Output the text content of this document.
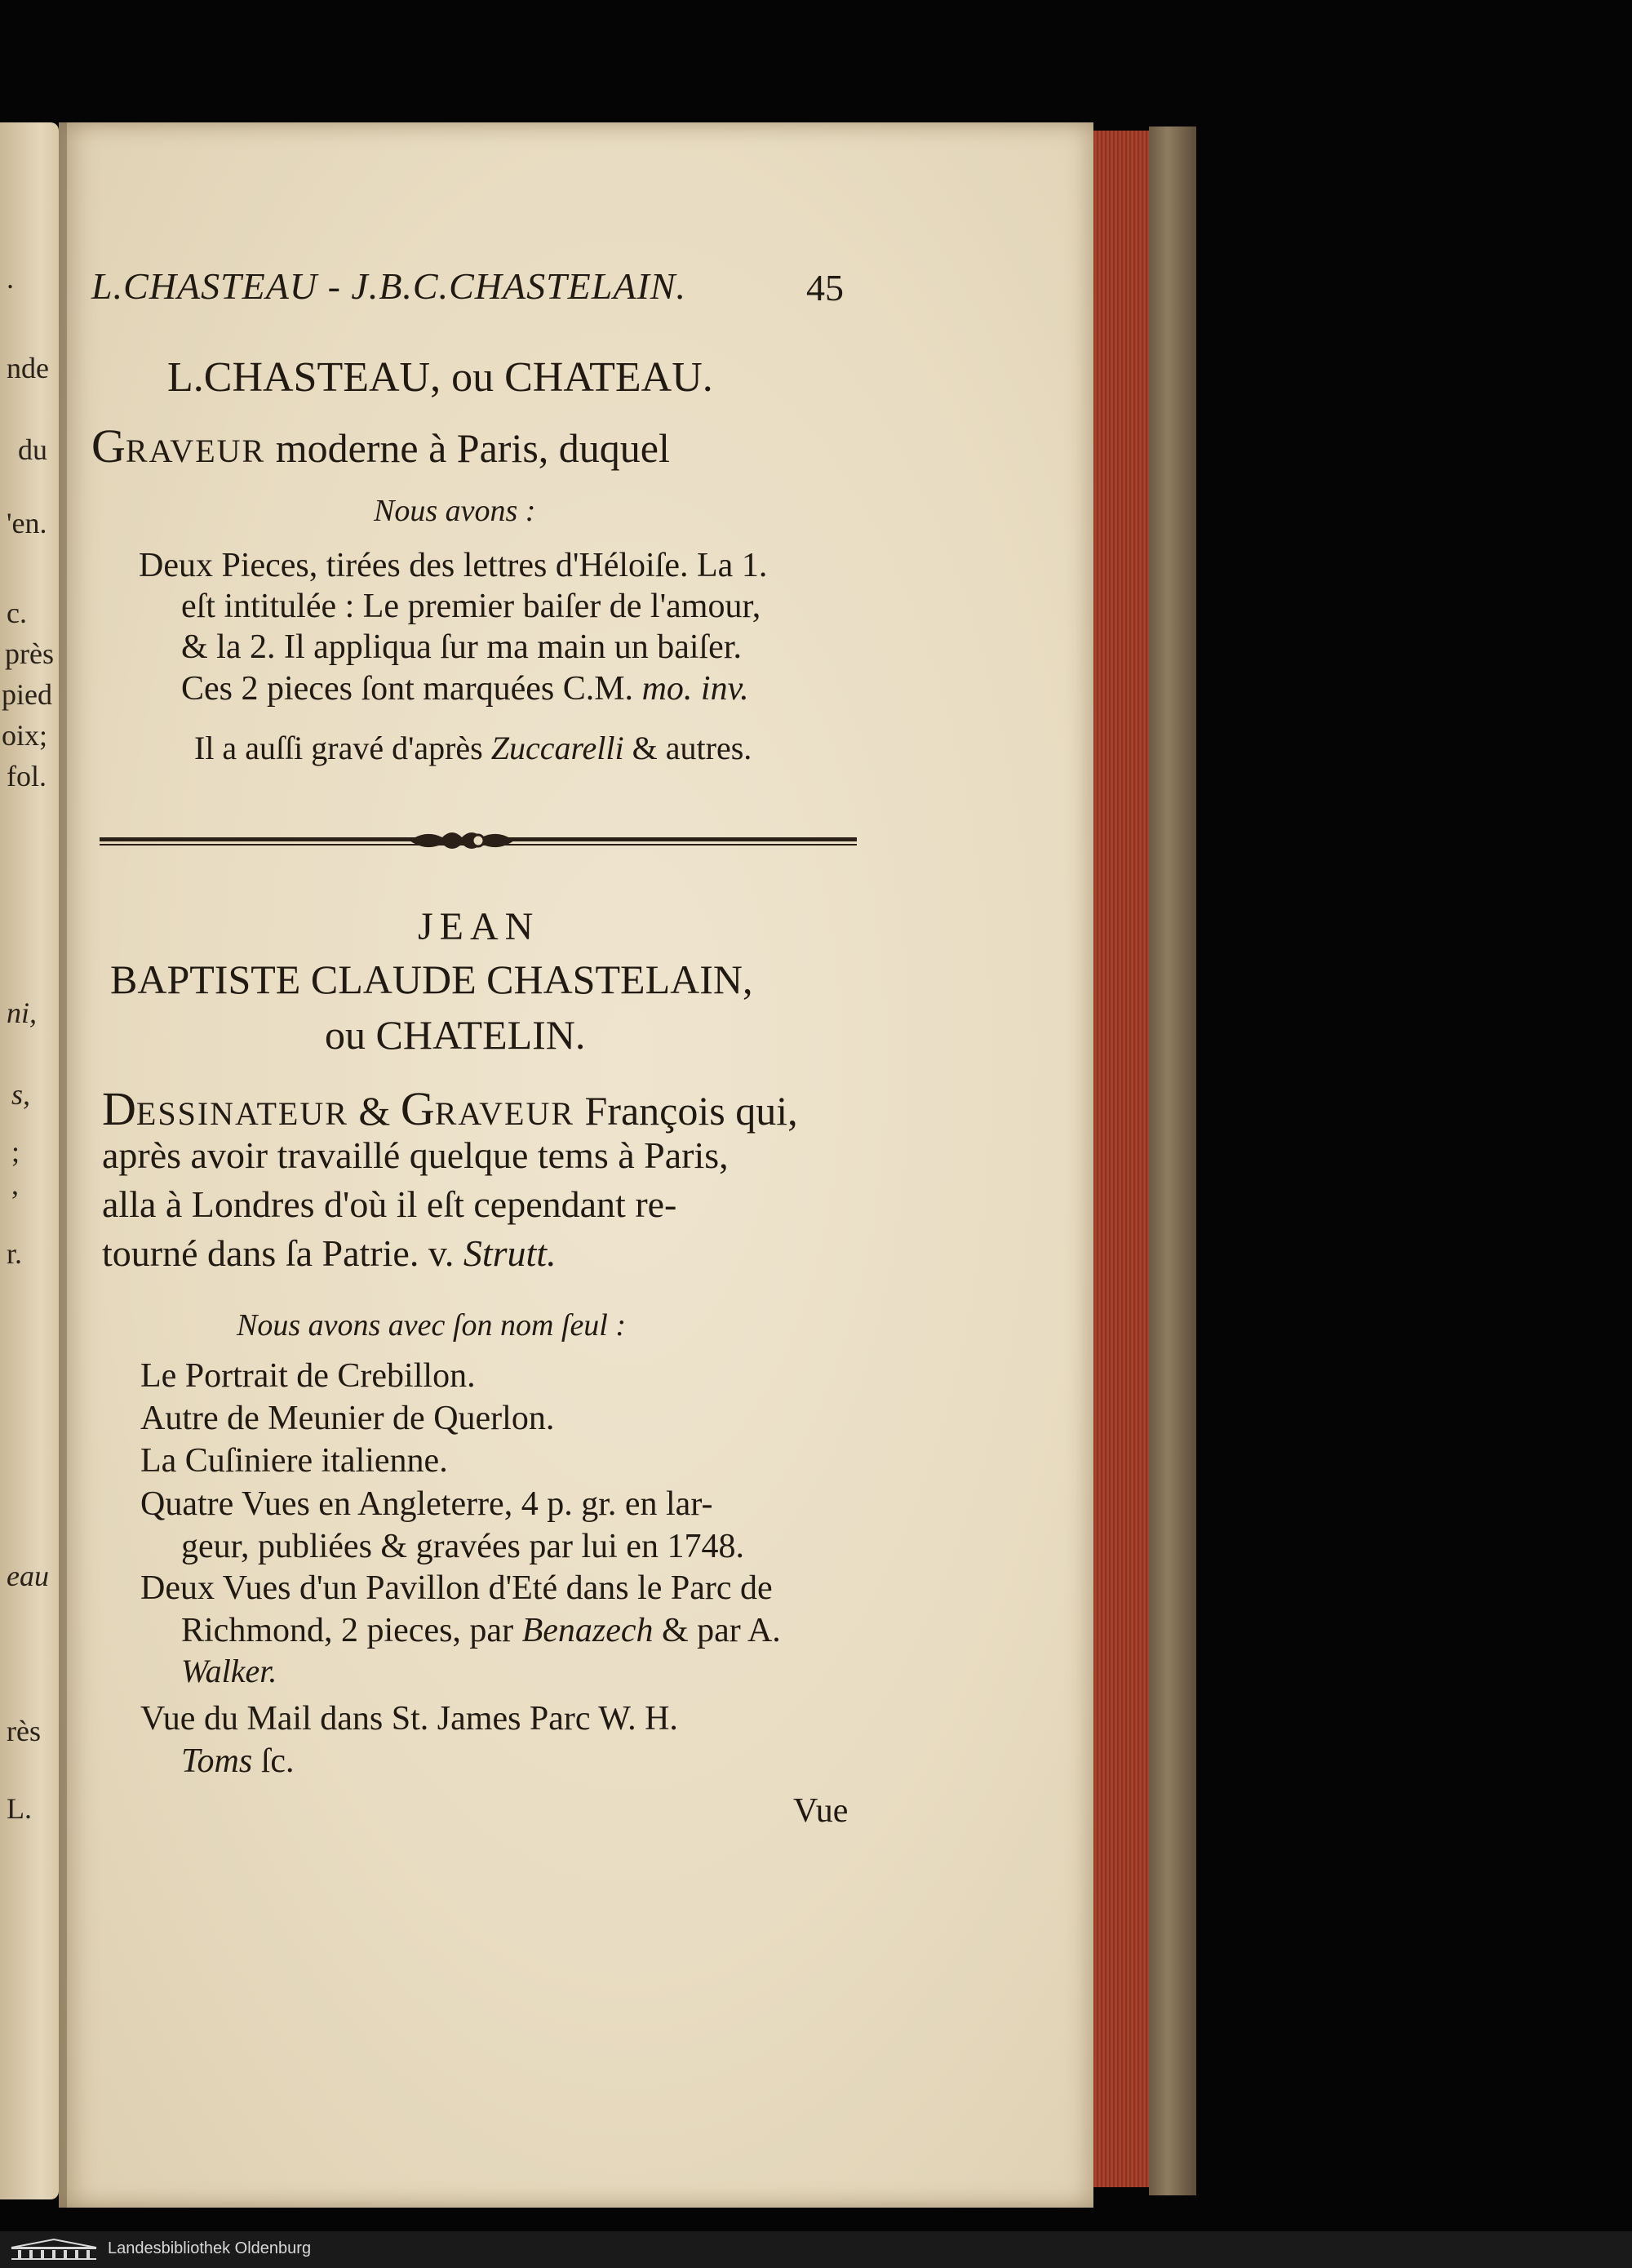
.
nde
du
'en.
c.
près
pied
oix;
fol.
ni,
s,
;
,
r.
eau
rès
L.
L.CHASTEAU - J.B.C.CHASTELAIN.	45
L.CHASTEAU, ou CHATEAU.
GRAVEUR moderne à Paris, duquel
Nous avons :
Deux Pieces, tirées des lettres d'Héloiſe. La 1.
eſt intitulée : Le premier baiſer de l'amour,
& la 2. Il appliqua ſur ma main un baiſer.
Ces 2 pieces ſont marquées C.M. mo. inv.
Il a auſſi gravé d'après Zuccarelli & autres.
JEAN
BAPTISTE CLAUDE CHASTELAIN,
ou CHATELIN.
DESSINATEUR & GRAVEUR François qui,
après avoir travaillé quelque tems à Paris,
alla à Londres d'où il eſt cependant re-
tourné dans ſa Patrie. v. Strutt.
Nous avons avec ſon nom ſeul :
Le Portrait de Crebillon.
Autre de Meunier de Querlon.
La Cuſiniere italienne.
Quatre Vues en Angleterre, 4 p. gr. en lar-
geur, publiées & gravées par lui en 1748.
Deux Vues d'un Pavillon d'Eté dans le Parc de
Richmond, 2 pieces, par Benazech & par A.
Walker.
Vue du Mail dans St. James Parc W. H.
Toms ſc.
Vue
Landesbibliothek Oldenburg
